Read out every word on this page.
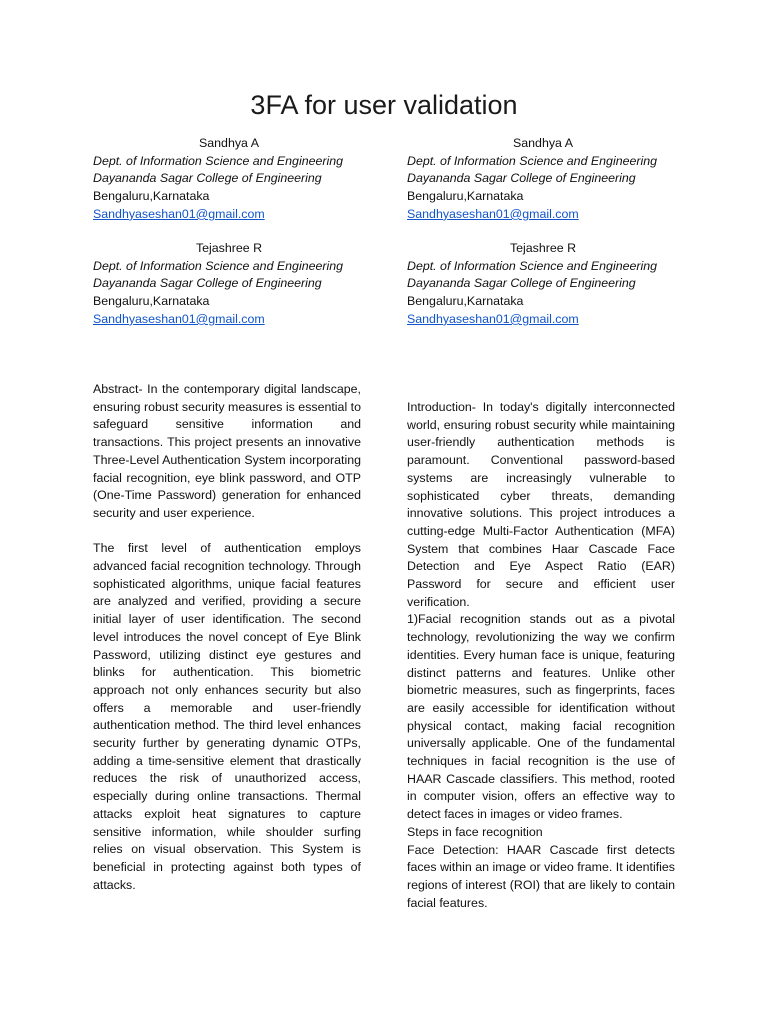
3FA for user validation
Sandhya A
Dept. of Information Science and Engineering
Dayananda Sagar College of Engineering
Bengaluru,Karnataka
Sandhyaseshan01@gmail.com
Sandhya A
Dept. of Information Science and Engineering
Dayananda Sagar College of Engineering
Bengaluru,Karnataka
Sandhyaseshan01@gmail.com
Tejashree R
Dept. of Information Science and Engineering
Dayananda Sagar College of Engineering
Bengaluru,Karnataka
Sandhyaseshan01@gmail.com
Tejashree R
Dept. of Information Science and Engineering
Dayananda Sagar College of Engineering
Bengaluru,Karnataka
Sandhyaseshan01@gmail.com

Abstract- In the contemporary digital landscape, ensuring robust security measures is essential to safeguard sensitive information and transactions. This project presents an innovative Three-Level Authentication System incorporating facial recognition, eye blink password, and OTP (One-Time Password) generation for enhanced security and user experience.

The first level of authentication employs advanced facial recognition technology. Through sophisticated algorithms, unique facial features are analyzed and verified, providing a secure initial layer of user identification. The second level introduces the novel concept of Eye Blink Password, utilizing distinct eye gestures and blinks for authentication. This biometric approach not only enhances security but also offers a memorable and user-friendly authentication method. The third level enhances security further by generating dynamic OTPs, adding a time-sensitive element that drastically reduces the risk of unauthorized access, especially during online transactions. Thermal attacks exploit heat signatures to capture sensitive information, while shoulder surfing relies on visual observation. This System is beneficial in protecting against both types of attacks.

Introduction- In today's digitally interconnected world, ensuring robust security while maintaining user-friendly authentication methods is paramount. Conventional password-based systems are increasingly vulnerable to sophisticated cyber threats, demanding innovative solutions. This project introduces a cutting-edge Multi-Factor Authentication (MFA) System that combines Haar Cascade Face Detection and Eye Aspect Ratio (EAR) Password for secure and efficient user verification.

1)Facial recognition stands out as a pivotal technology, revolutionizing the way we confirm identities. Every human face is unique, featuring distinct patterns and features. Unlike other biometric measures, such as fingerprints, faces are easily accessible for identification without physical contact, making facial recognition universally applicable. One of the fundamental techniques in facial recognition is the use of HAAR Cascade classifiers. This method, rooted in computer vision, offers an effective way to detect faces in images or video frames.

Steps in face recognition

Face Detection: HAAR Cascade first detects faces within an image or video frame. It identifies regions of interest (ROI) that are likely to contain facial features.
